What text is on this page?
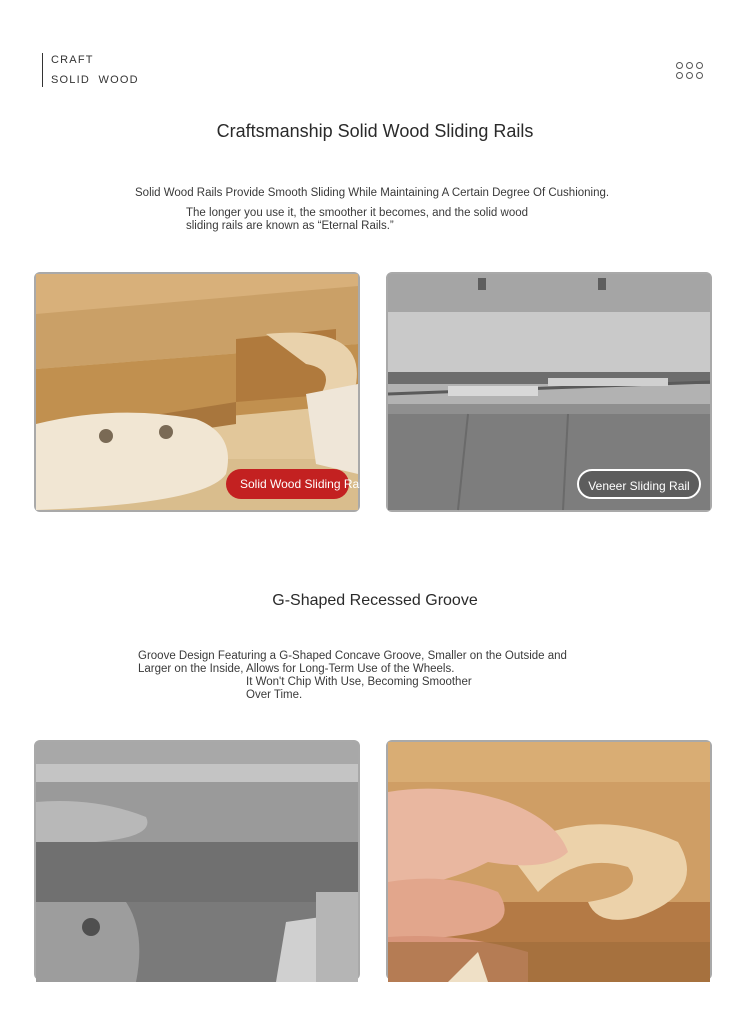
CRAFT
SOLID  WOOD
Craftsmanship Solid Wood Sliding Rails

Solid Wood Rails Provide Smooth Sliding While Maintaining A Certain Degree Of Cushioning.

The longer you use it, the smoother it becomes, and the solid wood

sliding rails are known as “Eternal Rails.”

Solid Wood Sliding Rail	Veneer Sliding Rail
G-Shaped Recessed Groove

Groove Design Featuring a G-Shaped Concave Groove, Smaller on the Outside and

Larger on the Inside, Allows for Long-Term Use of the Wheels.

It Won't Chip With Use, Becoming Smoother

Over Time.
